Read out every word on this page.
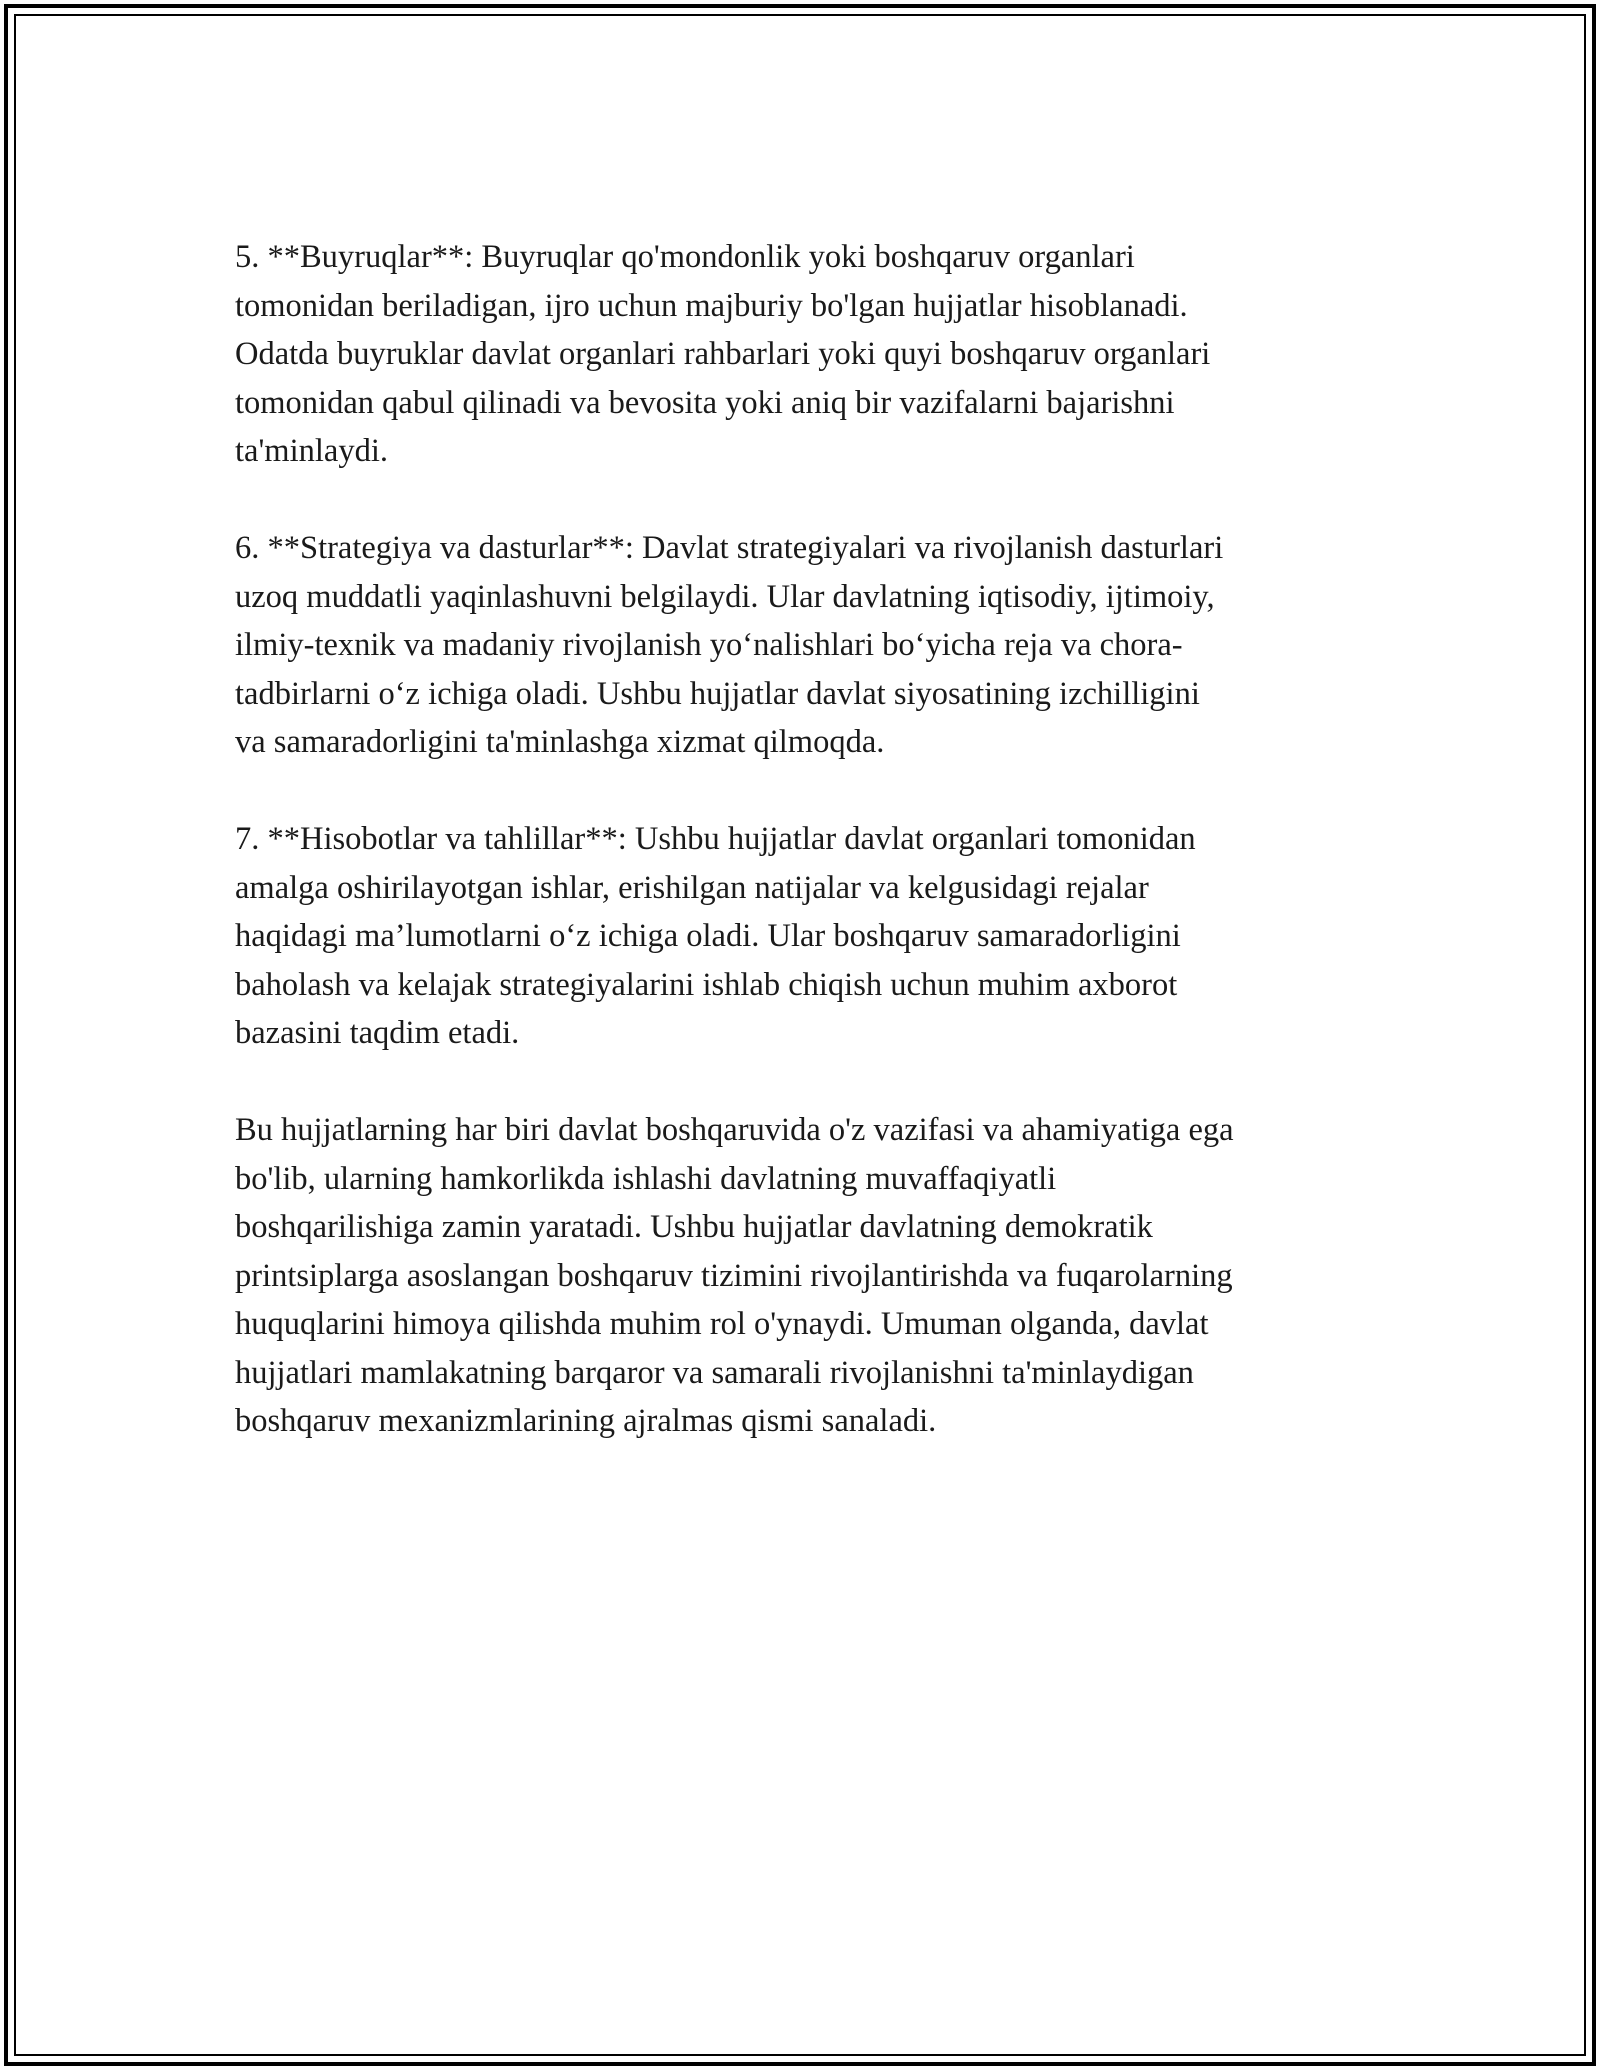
5. **Buyruqlar**: Buyruqlar qo'mondonlik yoki boshqaruv organlari
tomonidan beriladigan, ijro uchun majburiy bo'lgan hujjatlar hisoblanadi.
Odatda buyruklar davlat organlari rahbarlari yoki quyi boshqaruv organlari
tomonidan qabul qilinadi va bevosita yoki aniq bir vazifalarni bajarishni
ta'minlaydi.

6. **Strategiya va dasturlar**: Davlat strategiyalari va rivojlanish dasturlari
uzoq muddatli yaqinlashuvni belgilaydi. Ular davlatning iqtisodiy, ijtimoiy,
ilmiy-texnik va madaniy rivojlanish yo‘nalishlari bo‘yicha reja va chora-
tadbirlarni o‘z ichiga oladi. Ushbu hujjatlar davlat siyosatining izchilligini
va samaradorligini ta'minlashga xizmat qilmoqda.

7. **Hisobotlar va tahlillar**: Ushbu hujjatlar davlat organlari tomonidan
amalga oshirilayotgan ishlar, erishilgan natijalar va kelgusidagi rejalar
haqidagi ma’lumotlarni o‘z ichiga oladi. Ular boshqaruv samaradorligini
baholash va kelajak strategiyalarini ishlab chiqish uchun muhim axborot
bazasini taqdim etadi.

Bu hujjatlarning har biri davlat boshqaruvida o'z vazifasi va ahamiyatiga ega
bo'lib, ularning hamkorlikda ishlashi davlatning muvaffaqiyatli
boshqarilishiga zamin yaratadi. Ushbu hujjatlar davlatning demokratik
printsiplarga asoslangan boshqaruv tizimini rivojlantirishda va fuqarolarning
huquqlarini himoya qilishda muhim rol o'ynaydi. Umuman olganda, davlat
hujjatlari mamlakatning barqaror va samarali rivojlanishni ta'minlaydigan
boshqaruv mexanizmlarining ajralmas qismi sanaladi.
